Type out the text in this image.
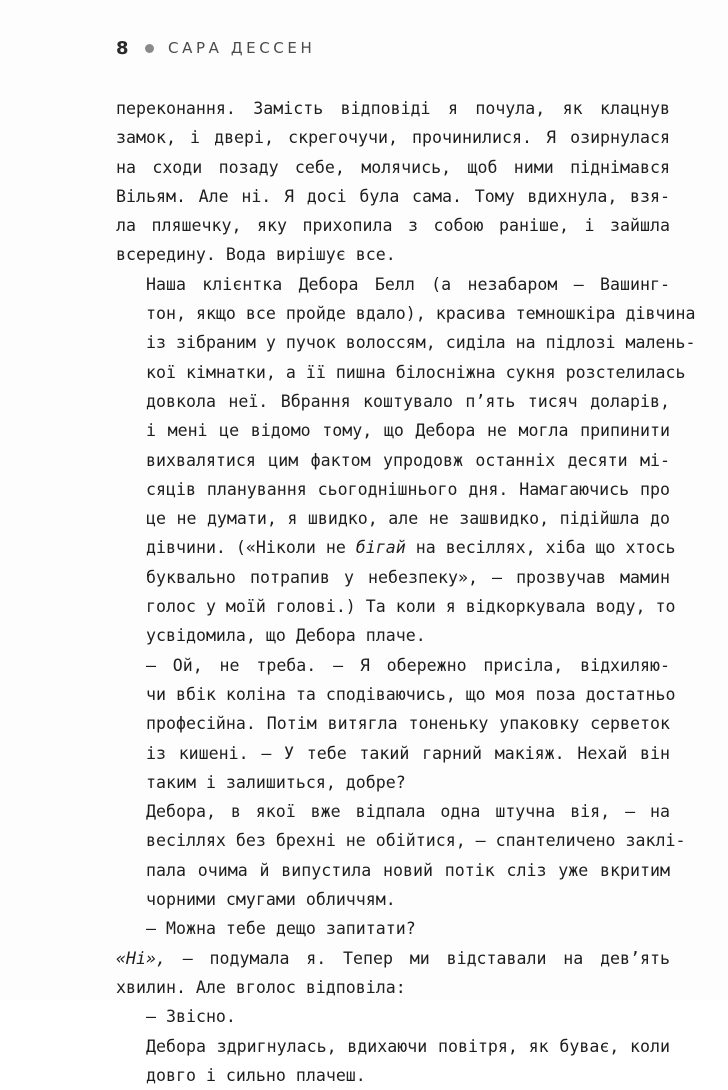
8	САРА ДЕССЕН

переконання. Замість відповіді я почула, як клацнув
замок, і двері, скрегочучи, прочинилися. Я озирнулася
на сходи позаду себе, молячись, щоб ними піднімався
Вільям. Але ні. Я досі була сама. Тому вдихнула, взя-
ла пляшечку, яку прихопила з собою раніше, і зайшла
всередину. Вода вирішує все.

Наша клієнтка Дебора Белл (а незабаром — Вашинг-
тон, якщо все пройде вдало), красива темношкіра дівчина
із зібраним у пучок волоссям, сиділа на підлозі малень-
кої кімнатки, а її пишна білосніжна сукня розстелилась
довкола неї. Вбрання коштувало п’ять тисяч доларів,
і мені це відомо тому, що Дебора не могла припинити
вихвалятися цим фактом упродовж останніх десяти мі-
сяців планування сьогоднішнього дня. Намагаючись про
це не думати, я швидко, але не зашвидко, підійшла до
дівчини. («Ніколи не бігай на весіллях, хіба що хтось
буквально потрапив у небезпеку», — прозвучав мамин
голос у моїй голові.) Та коли я відкоркувала воду, то
усвідомила, що Дебора плаче.

— Ой, не треба. — Я обережно присіла, відхиляю-
чи вбік коліна та сподіваючись, що моя поза достатньо
професійна. Потім витягла тоненьку упаковку серветок
із кишені. — У тебе такий гарний макіяж. Нехай він
таким і залишиться, добре?

Дебора, в якої вже відпала одна штучна вія, — на
весіллях без брехні не обійтися, — спантеличено заклі-
пала очима й випустила новий потік сліз уже вкритим
чорними смугами обличчям.

— Можна тебе дещо запитати?

«Ні», — подумала я. Тепер ми відставали на дев’ять
хвилин. Але вголос відповіла:

— Звісно.

Дебора здригнулась, вдихаючи повітря, як буває, коли
довго і сильно плачеш.
